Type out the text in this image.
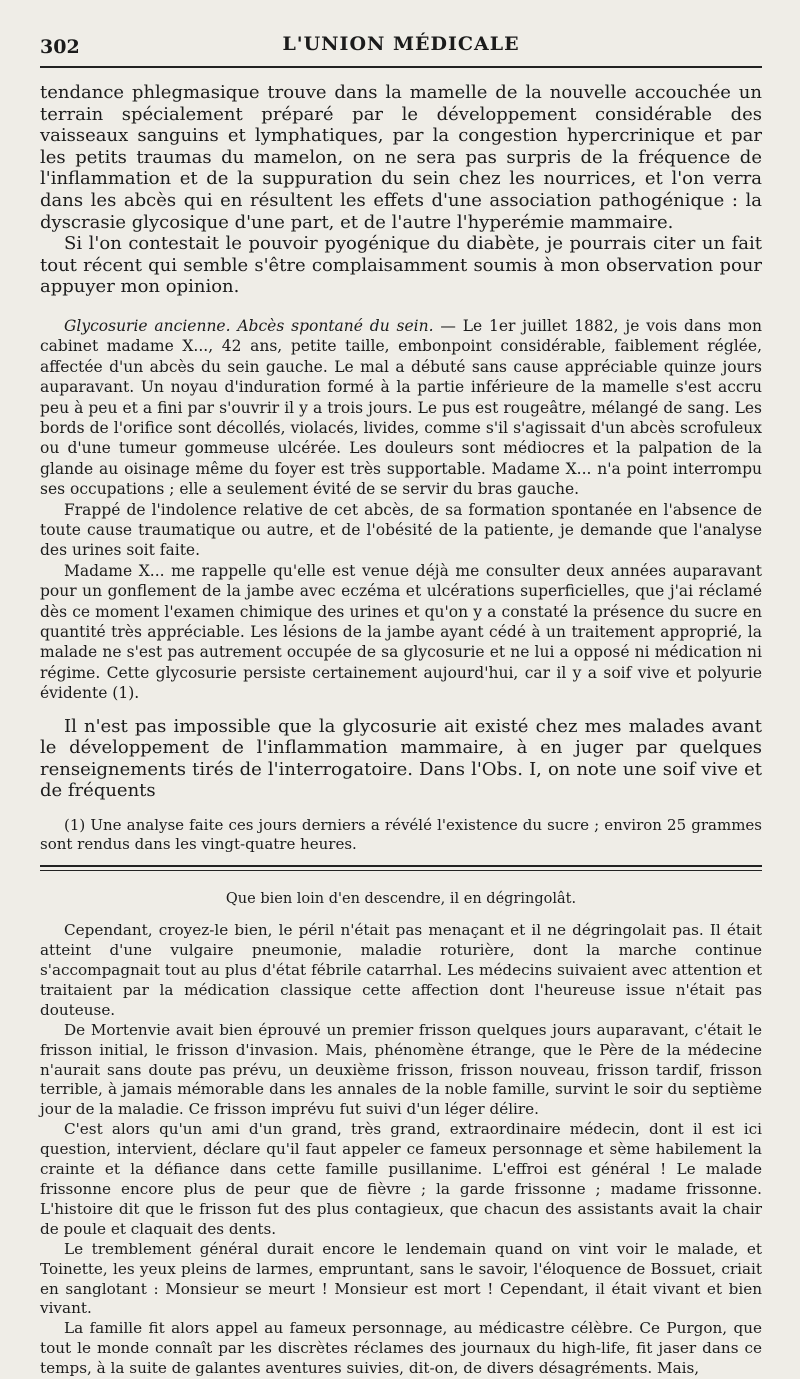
302	L'UNION MÉDICALE

tendance phlegmasique trouve dans la mamelle de la nouvelle accouchée un terrain spécialement préparé par le développement considérable des vaisseaux sanguins et lymphatiques, par la congestion hypercrinique et par les petits traumas du mamelon, on ne sera pas surpris de la fréquence de l'inflammation et de la suppuration du sein chez les nourrices, et l'on verra dans les abcès qui en résultent les effets d'une association pathogénique : la dyscrasie glycosique d'une part, et de l'autre l'hyperémie mammaire.

Si l'on contestait le pouvoir pyogénique du diabète, je pourrais citer un fait tout récent qui semble s'être complaisamment soumis à mon observation pour appuyer mon opinion.

Glycosurie ancienne. Abcès spontané du sein. — Le 1er juillet 1882, je vois dans mon cabinet madame X..., 42 ans, petite taille, embonpoint considérable, faiblement réglée, affectée d'un abcès du sein gauche. Le mal a débuté sans cause appréciable quinze jours auparavant. Un noyau d'induration formé à la partie inférieure de la mamelle s'est accru peu à peu et a fini par s'ouvrir il y a trois jours. Le pus est rougeâtre, mélangé de sang. Les bords de l'orifice sont décollés, violacés, livides, comme s'il s'agissait d'un abcès scrofuleux ou d'une tumeur gommeuse ulcérée. Les douleurs sont médiocres et la palpation de la glande au oisinage même du foyer est très supportable. Madame X... n'a point interrompu ses occupations ; elle a seulement évité de se servir du bras gauche.

Frappé de l'indolence relative de cet abcès, de sa formation spontanée en l'absence de toute cause traumatique ou autre, et de l'obésité de la patiente, je demande que l'analyse des urines soit faite.

Madame X... me rappelle qu'elle est venue déjà me consulter deux années auparavant pour un gonflement de la jambe avec eczéma et ulcérations superficielles, que j'ai réclamé dès ce moment l'examen chimique des urines et qu'on y a constaté la présence du sucre en quantité très appréciable. Les lésions de la jambe ayant cédé à un traitement approprié, la malade ne s'est pas autrement occupée de sa glycosurie et ne lui a opposé ni médication ni régime. Cette glycosurie persiste certainement aujourd'hui, car il y a soif vive et polyurie évidente (1).

Il n'est pas impossible que la glycosurie ait existé chez mes malades avant le développement de l'inflammation mammaire, à en juger par quelques renseignements tirés de l'interrogatoire. Dans l'Obs. I, on note une soif vive et de fréquents

(1) Une analyse faite ces jours derniers a révélé l'existence du sucre ; environ 25 grammes sont rendus dans les vingt-quatre heures.

Que bien loin d'en descendre, il en dégringolât.

Cependant, croyez-le bien, le péril n'était pas menaçant et il ne dégringolait pas. Il était atteint d'une vulgaire pneumonie, maladie roturière, dont la marche continue s'accompagnait tout au plus d'état fébrile catarrhal. Les médecins suivaient avec attention et traitaient par la médication classique cette affection dont l'heureuse issue n'était pas douteuse.

De Mortenvie avait bien éprouvé un premier frisson quelques jours auparavant, c'était le frisson initial, le frisson d'invasion. Mais, phénomène étrange, que le Père de la médecine n'aurait sans doute pas prévu, un deuxième frisson, frisson nouveau, frisson tardif, frisson terrible, à jamais mémorable dans les annales de la noble famille, survint le soir du septième jour de la maladie. Ce frisson imprévu fut suivi d'un léger délire.

C'est alors qu'un ami d'un grand, très grand, extraordinaire médecin, dont il est ici question, intervient, déclare qu'il faut appeler ce fameux personnage et sème habilement la crainte et la défiance dans cette famille pusillanime. L'effroi est général ! Le malade frissonne encore plus de peur que de fièvre ; la garde frissonne ; madame frissonne. L'histoire dit que le frisson fut des plus contagieux, que chacun des assistants avait la chair de poule et claquait des dents.

Le tremblement général durait encore le lendemain quand on vint voir le malade, et Toinette, les yeux pleins de larmes, empruntant, sans le savoir, l'éloquence de Bossuet, criait en sanglotant : Monsieur se meurt ! Monsieur est mort ! Cependant, il était vivant et bien vivant.

La famille fit alors appel au fameux personnage, au médicastre célèbre. Ce Purgon, que tout le monde connaît par les discrètes réclames des journaux du high-life, fit jaser dans ce temps, à la suite de galantes aventures suivies, dit-on, de divers désagréments. Mais,
